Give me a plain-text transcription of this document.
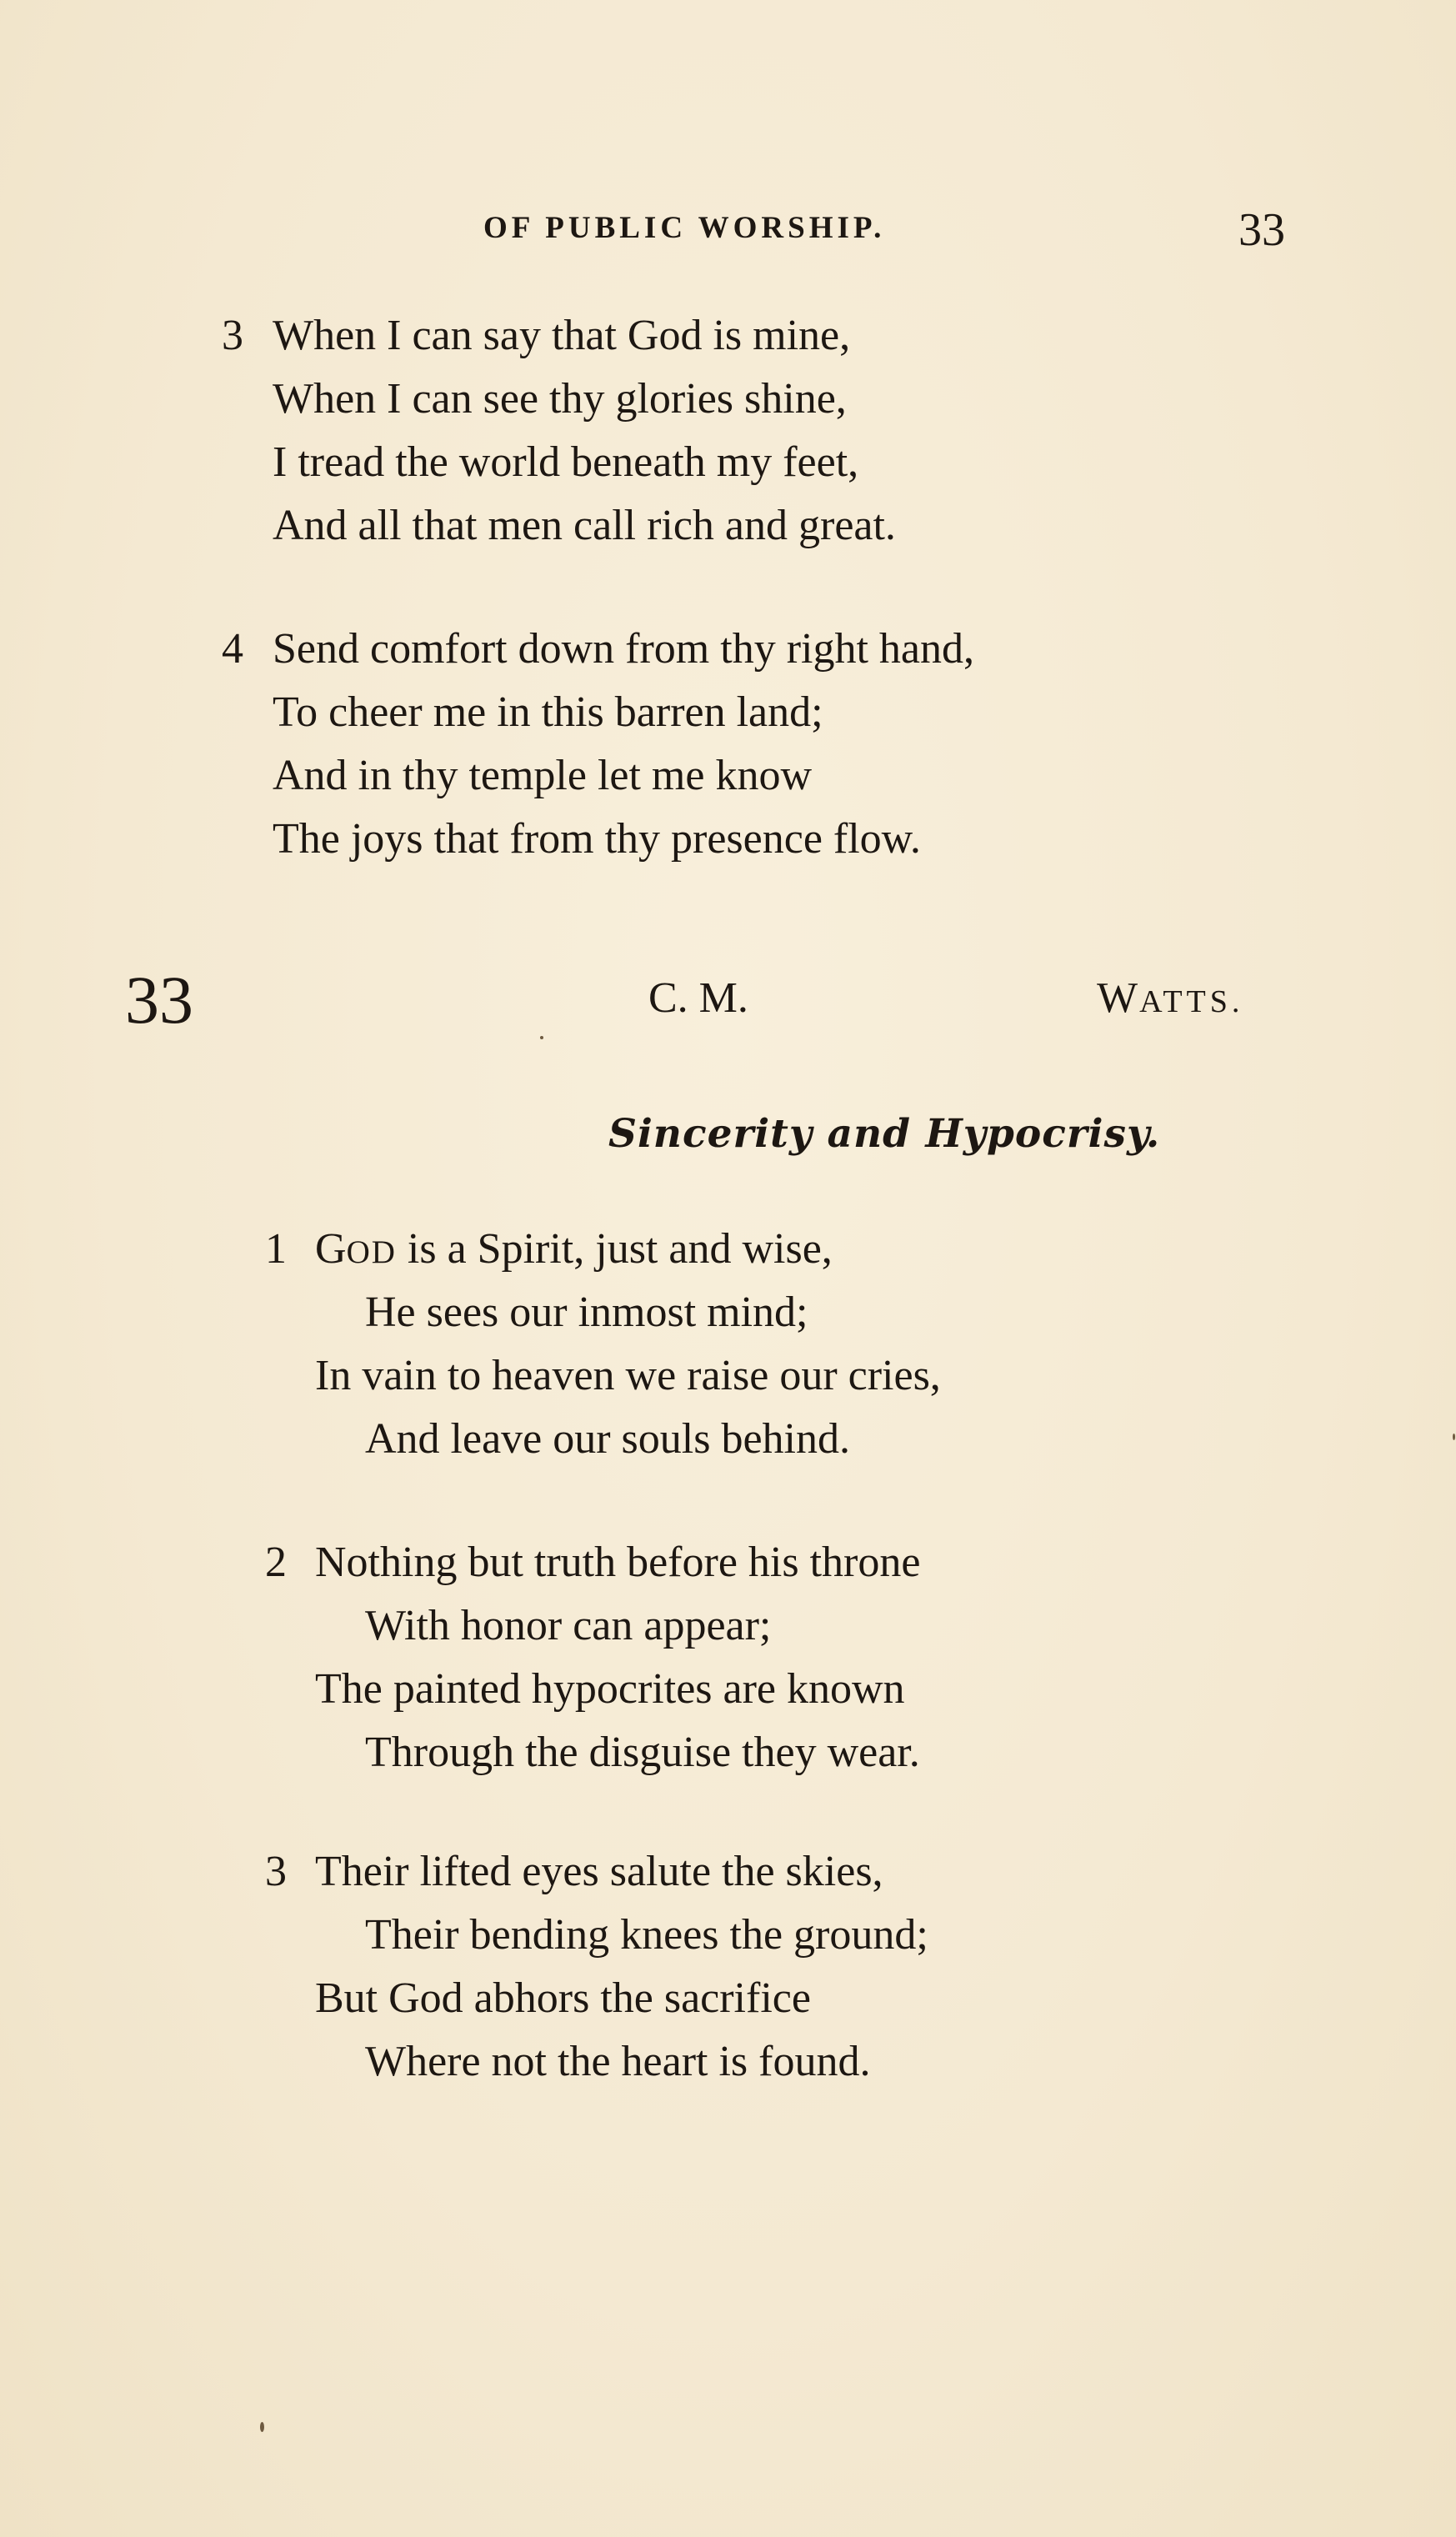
OF PUBLIC WORSHIP.	33
3 When I can say that God is mine,
When I can see thy glories shine,
I tread the world beneath my feet,
And all that men call rich and great.
4 Send comfort down from thy right hand,
To cheer me in this barren land;
And in thy temple let me know
The joys that from thy presence flow.
33	C. M.	WATTS.
Sincerity and Hypocrisy.
1 GOD is a Spirit, just and wise,
He sees our inmost mind;
In vain to heaven we raise our cries,
And leave our souls behind.
2 Nothing but truth before his throne
With honor can appear;
The painted hypocrites are known
Through the disguise they wear.
3 Their lifted eyes salute the skies,
Their bending knees the ground;
But God abhors the sacrifice
Where not the heart is found.
